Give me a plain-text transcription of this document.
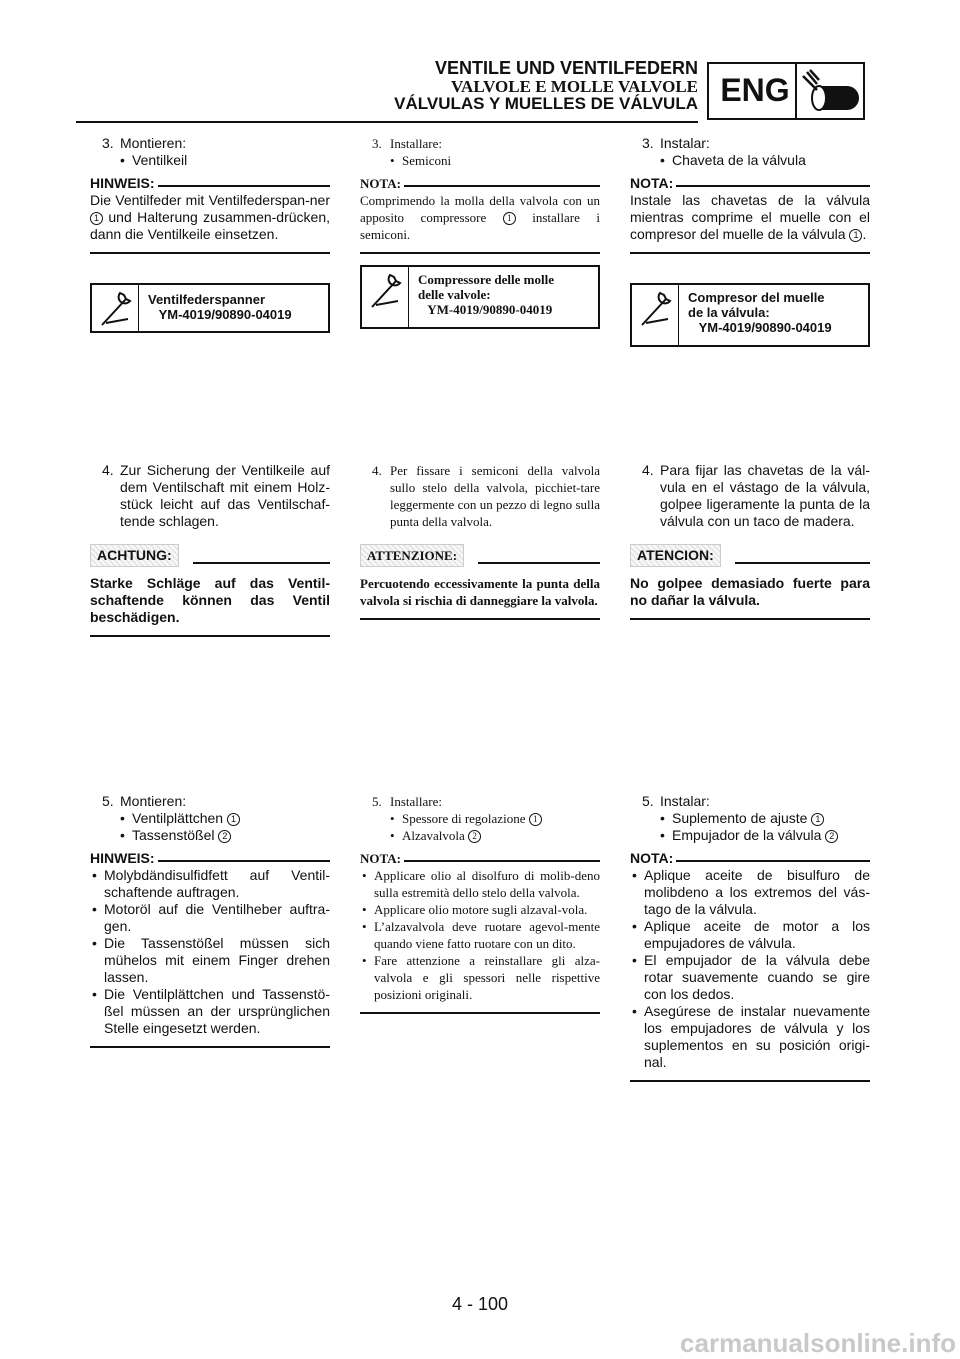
VENTILE UND VENTILFEDERN
VALVOLE E MOLLE VALVOLE
VÁLVULAS Y MUELLES DE VÁLVULA ENG
3. Montieren:
• Ventilkeil
HINWEIS:
Die Ventilfeder mit Ventilfederspan-ner 1 und Halterung zusammen-drücken, dann die Ventilkeile einsetzen.
Ventilfederspanner
YM-4019/90890-04019
4. Zur Sicherung der Ventilkeile auf dem Ventilschaft mit einem Holz-stück leicht auf das Ventilschaf-tende schlagen.
ACHTUNG:
Starke Schläge auf das Ventil-schaftende können das Ventil beschädigen.
5. Montieren:
• Ventilplättchen 1
• Tassenstößel 2
HINWEIS:
• Molybdändisulfidfett auf Ventil-schaftende auftragen.
• Motoröl auf die Ventilheber auftra-gen.
• Die Tassenstößel müssen sich mühelos mit einem Finger drehen lassen.
• Die Ventilplättchen und Tassenstö-ßel müssen an der ursprünglichen Stelle eingesetzt werden.
3. Installare:
• Semiconi
NOTA:
Comprimendo la molla della valvola con un apposito compressore 1 installare i semiconi.
Compressore delle molle
delle valvole:
YM-4019/90890-04019
4. Per fissare i semiconi della valvola sullo stelo della valvola, picchiet-tare leggermente con un pezzo di legno sulla punta della valvola.
ATTENZIONE:
Percuotendo eccessivamente la punta della valvola si rischia di danneggiare la valvola.
5. Installare:
• Spessore di regolazione 1
• Alzavalvola 2
NOTA:
• Applicare olio al disolfuro di molib-deno sulla estremità dello stelo della valvola.
• Applicare olio motore sugli alzaval-vola.
• L’alzavalvola deve ruotare agevol-mente quando viene fatto ruotare con un dito.
• Fare attenzione a reinstallare gli alza-valvola e gli spessori nelle rispettive posizioni originali.
3. Instalar:
• Chaveta de la válvula
NOTA:
Instale las chavetas de la válvula mientras comprime el muelle con el compresor del muelle de la válvula 1 .
Compresor del muelle
de la válvula:
YM-4019/90890-04019
4. Para fijar las chavetas de la vál-vula en el vástago de la válvula, golpee ligeramente la punta de la válvula con un taco de madera.
ATENCION:
No golpee demasiado fuerte para no dañar la válvula.
5. Instalar:
• Suplemento de ajuste 1
• Empujador de la válvula 2
NOTA:
• Aplique aceite de bisulfuro de molibdeno a los extremos del vás-tago de la válvula.
• Aplique aceite de motor a los empujadores de válvula.
• El empujador de la válvula debe rotar suavemente cuando se gire con los dedos.
• Asegúrese de instalar nuevamente los empujadores de válvula y los suplementos en su posición origi-nal.
4 - 100
carmanualsonline.info
